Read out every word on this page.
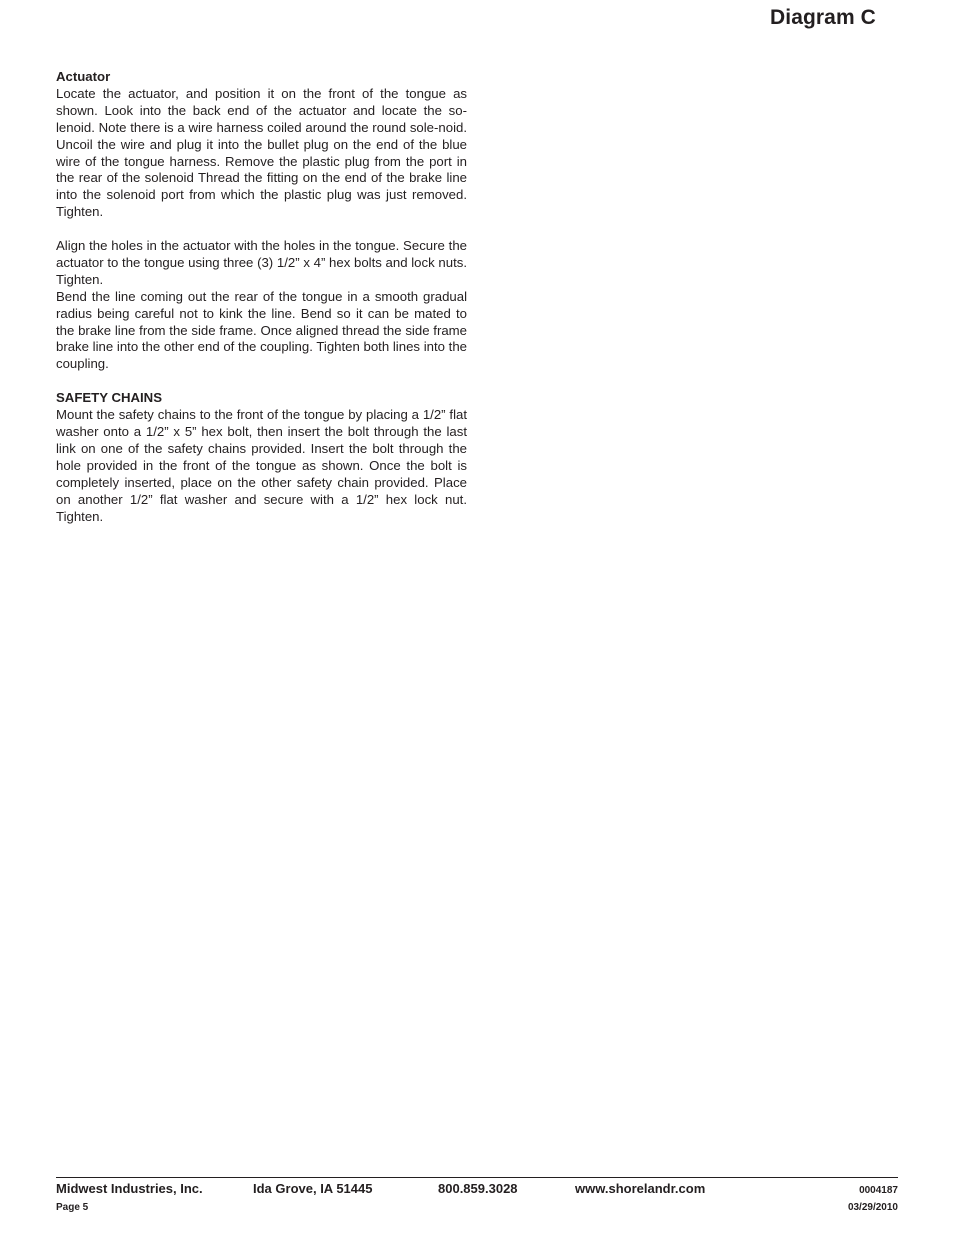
Diagram C
Actuator

Locate the actuator, and position it on the front of the tongue as shown. Look into the back end of the actuator and locate the so-lenoid. Note there is a wire harness coiled around the round sole-noid. Uncoil the wire and plug it into the bullet plug on the end of the blue wire of the tongue harness. Remove the plastic plug from the port in the rear of the solenoid Thread the fitting on the end of the brake line into the solenoid port from which the plastic plug was just removed. Tighten.

Align the holes in the actuator with the holes in the tongue. Secure the actuator to the tongue using three (3) 1/2” x 4” hex bolts and lock nuts. Tighten.

Bend the line coming out the rear of the tongue in a smooth gradual radius being careful not to kink the line. Bend so it can be mated to the brake line from the side frame. Once aligned thread the side frame brake line into the other end of the coupling. Tighten both lines into the coupling.

SAFETY CHAINS

Mount the safety chains to the front of the tongue by placing a 1/2” flat washer onto a 1/2” x 5” hex bolt, then insert the bolt through the last link on one of the safety chains provided. Insert the bolt through the hole provided in the front of the tongue as shown. Once the bolt is completely inserted, place on the other safety chain provided. Place on another 1/2” flat washer and secure with a 1/2” hex lock nut. Tighten.

Midwest Industries, Inc.	Ida Grove, IA 51445	800.859.3028	www.shorelandr.com	0004187
Page 5	03/29/2010
